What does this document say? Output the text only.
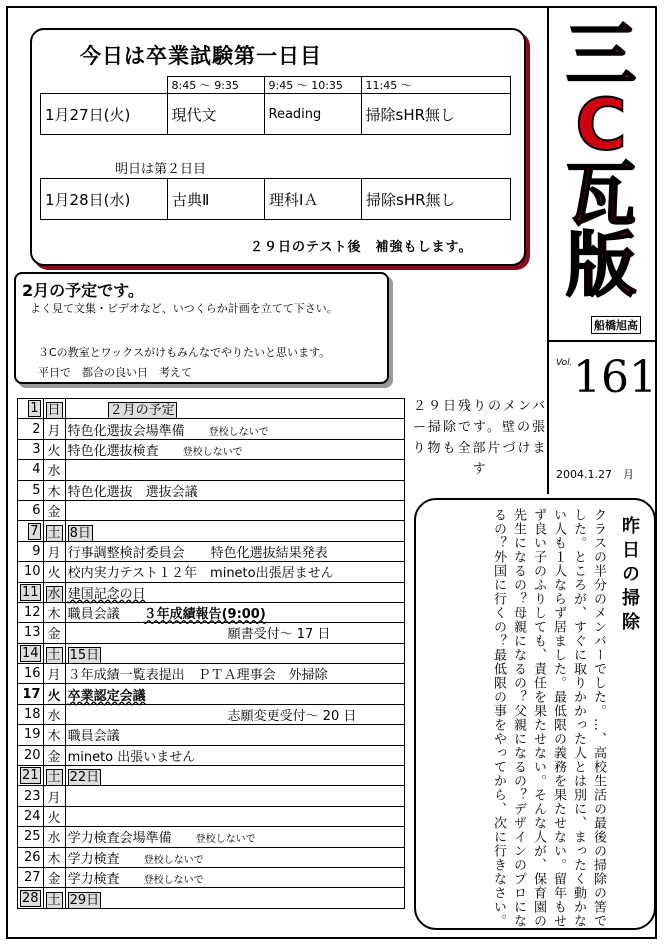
今日は卒業試験第一日目
	8:45 ～ 9:35	9:45 ～ 10:35	11:45 ～
1月27日(火)	現代文	Reading	掃除sHR無し
明日は第２日目
1月28日(水)	古典Ⅱ	理科ⅠＡ	掃除sHR無し
２９日のテスト後　補強もします。
2月の予定です。
よく見て文集・ビデオなど、いつくらか計画を立てて下さい。
３Cの教室とワックスがけもみんなでやりたいと思います。
平日で　都合の良い日　考えて
1	日	２月の予定
2	月	特色化選抜会場準備 登校しないで
3	火	特色化選抜検査 登校しないで
4	水	
5	木	特色化選抜　選抜会議
6	金	
7	土	8日
9	月	行事調整検討委員会　　特色化選抜結果発表
10	火	校内実力テスト１２年　mineto出張居ません
11	水	建国記念の日
12	木	職員会議 ３年成績報告(9:00)
13	金	願書受付～ 17 日
14	土	15日
16	月	３年成績一覧表提出　ＰＴＡ理事会　外掃除
17	火	卒業認定会議
18	水	志願変更受付～ 20 日
19	木	職員会議
20	金	mineto 出張いません
21	土	22日
23	月	
24	火	
25	水	学力検査会場準備 登校しないで
26	木	学力検査 登校しないで
27	金	学力検査 登校しないで
28	土	29日
三
C
瓦
版
船橋旭高
Vol. 161
2004.1.27　月
２９日残りのメンバー掃除です。壁の張り物も全部片づけます
昨日の掃除
クラスの半分のメンバーでした。…、高校生活の最後の掃除の筈でした。ところが、すぐに取りかかった人とは別に、まったく動かない人も１人ならず居ました。最低限の義務を果たせない。留年もせず良い子のふりしても、責任を果たせない。そんな人が、保育園の先生になるの？母親になるの？父親になるの？デザインのプロになるの？外国に行くの？最低限の事をやってから、次に行きなさい。
